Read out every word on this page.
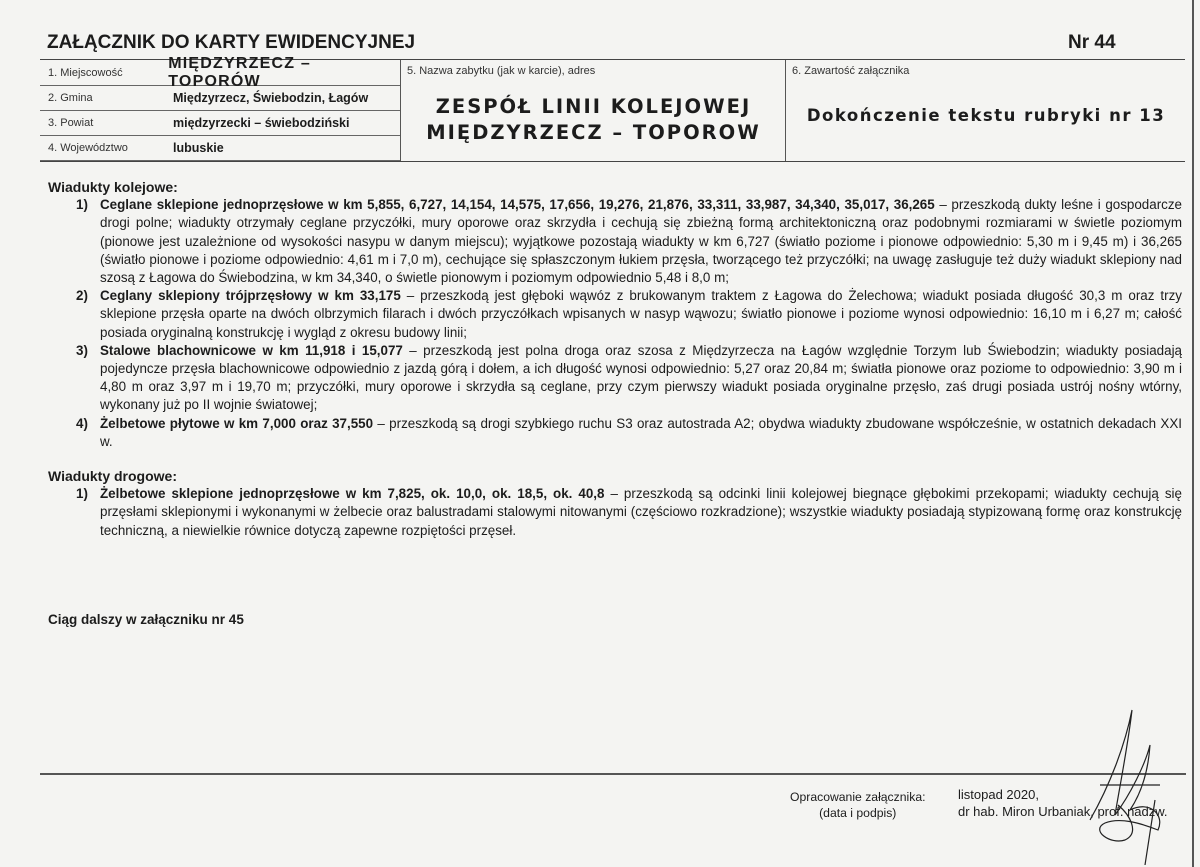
ZAŁĄCZNIK DO KARTY EWIDENCYJNEJ	Nr 44
1. Miejscowość
MIĘDZYRZECZ – TOPORÓW
2. Gmina	Międzyrzecz, Świebodzin, Łagów
3. Powiat	międzyrzecki – świebodziński
4. Województwo	lubuskie
5. Nazwa zabytku (jak w karcie), adres
ZESPÓŁ LINII KOLEJOWEJ
MIĘDZYRZECZ – TOPOROW
6. Zawartość załącznika
Dokończenie tekstu rubryki nr 13
Wiadukty kolejowe:
1) Ceglane sklepione jednoprzęsłowe w km 5,855, 6,727, 14,154, 14,575, 17,656, 19,276, 21,876, 33,311, 33,987, 34,340, 35,017, 36,265 – przeszkodą dukty leśne i gospodarcze drogi polne; wiadukty otrzymały ceglane przyczółki, mury oporowe oraz skrzydła i cechują się zbieżną formą architektoniczną oraz podobnymi rozmiarami w świetle poziomym (pionowe jest uzależnione od wysokości nasypu w danym miejscu); wyjątkowe pozostają wiadukty w km 6,727 (światło poziome i pionowe odpowiednio: 5,30 m i 9,45 m) i 36,265 (światło pionowe i poziome odpowiednio: 4,61 m i 7,0 m), cechujące się spłaszczonym łukiem przęsła, tworzącego też przyczółki; na uwagę zasługuje też duży wiadukt sklepiony nad szosą z Łagowa do Świebodzina, w km 34,340, o świetle pionowym i poziomym odpowiednio 5,48 i 8,0 m;
2) Ceglany sklepiony trójprzęsłowy w km 33,175 – przeszkodą jest głęboki wąwóz z brukowanym traktem z Łagowa do Żelechowa; wiadukt posiada długość 30,3 m oraz trzy sklepione przęsła oparte na dwóch olbrzymich filarach i dwóch przyczółkach wpisanych w nasyp wąwozu; światło pionowe i poziome wynosi odpowiednio: 16,10 m i 6,27 m; całość posiada oryginalną konstrukcję i wygląd z okresu budowy linii;
3) Stalowe blachownicowe w km 11,918 i 15,077 – przeszkodą jest polna droga oraz szosa z Międzyrzecza na Łagów względnie Torzym lub Świebodzin; wiadukty posiadają pojedyncze przęsła blachownicowe odpowiednio z jazdą górą i dołem, a ich długość wynosi odpowiednio: 5,27 oraz 20,84 m; światła pionowe oraz poziome to odpowiednio: 3,90 m i 4,80 m oraz 3,97 m i 19,70 m; przyczółki, mury oporowe i skrzydła są ceglane, przy czym pierwszy wiadukt posiada oryginalne przęsło, zaś drugi posiada ustrój nośny wtórny, wykonany już po II wojnie światowej;
4) Żelbetowe płytowe w km 7,000 oraz 37,550 – przeszkodą są drogi szybkiego ruchu S3 oraz autostrada A2; obydwa wiadukty zbudowane współcześnie, w ostatnich dekadach XXI w.
Wiadukty drogowe:
1) Żelbetowe sklepione jednoprzęsłowe w km 7,825, ok. 10,0, ok. 18,5, ok. 40,8 – przeszkodą są odcinki linii kolejowej biegnące głębokimi przekopami; wiadukty cechują się przęsłami sklepionymi i wykonanymi w żelbecie oraz balustradami stalowymi nitowanymi (częściowo rozkradzione); wszystkie wiadukty posiadają stypizowaną formę oraz konstrukcję techniczną, a niewielkie równice dotyczą zapewne rozpiętości przęseł.
Ciąg dalszy w załączniku nr 45
Opracowanie załącznika:
(data i podpis)
listopad 2020,
dr hab. Miron Urbaniak, prof. nadzw.
